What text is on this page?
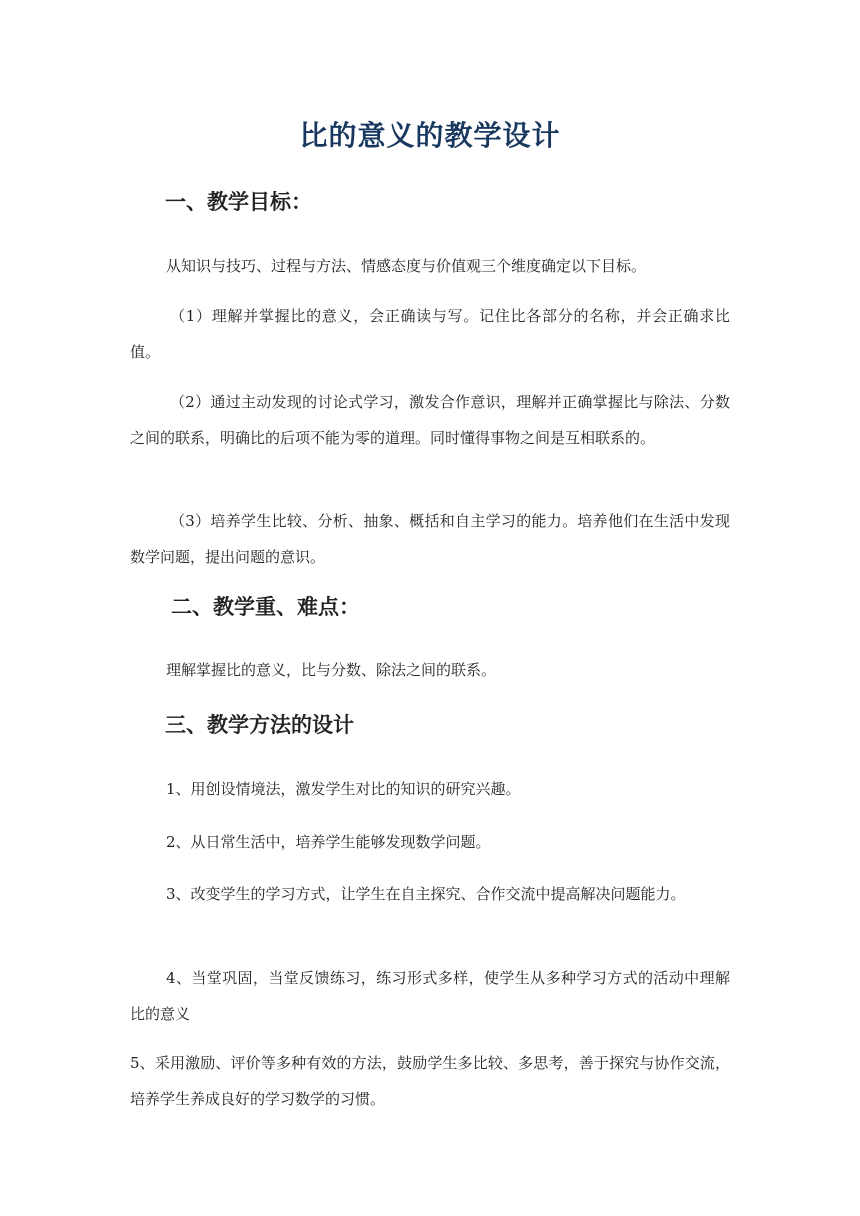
比的意义的教学设计
一、教学目标：
从知识与技巧、过程与方法、情感态度与价值观三个维度确定以下目标。
（1）理解并掌握比的意义，会正确读与写。记住比各部分的名称，并会正确求比值。
（2）通过主动发现的讨论式学习，激发合作意识，理解并正确掌握比与除法、分数之间的联系，明确比的后项不能为零的道理。同时懂得事物之间是互相联系的。
（3）培养学生比较、分析、抽象、概括和自主学习的能力。培养他们在生活中发现数学问题，提出问题的意识。
二、教学重、难点：
理解掌握比的意义，比与分数、除法之间的联系。
三、教学方法的设计
1、用创设情境法，激发学生对比的知识的研究兴趣。
2、从日常生活中，培养学生能够发现数学问题。
3、改变学生的学习方式，让学生在自主探究、合作交流中提高解决问题能力。
4、当堂巩固，当堂反馈练习，练习形式多样，使学生从多种学习方式的活动中理解比的意义
5、采用激励、评价等多种有效的方法，鼓励学生多比较、多思考，善于探究与协作交流，培养学生养成良好的学习数学的习惯。
